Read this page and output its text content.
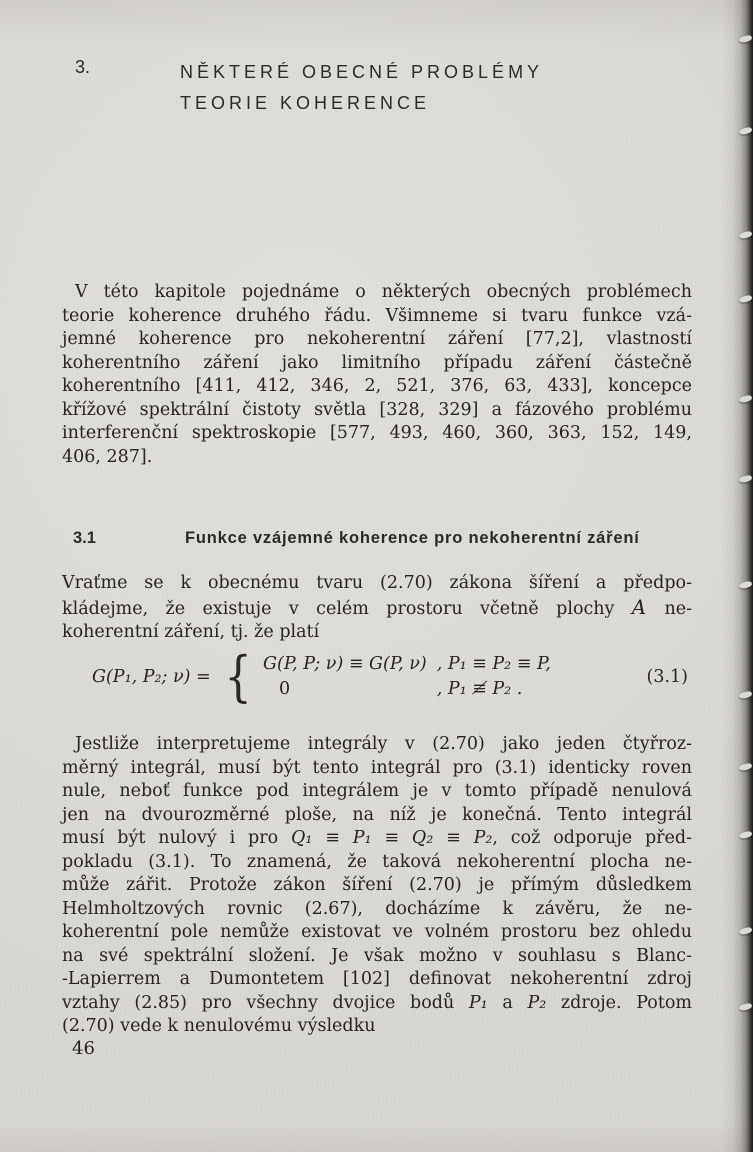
3.	NĚKTERÉ OBECNÉ PROBLÉMY
TEORIE KOHERENCE
V této kapitole pojednáme o některých obecných problémech
teorie koherence druhého řádu. Všimneme si tvaru funkce vzá-
jemné koherence pro nekoherentní záření [77,2], vlastností
koherentního záření jako limitního případu záření částečně
koherentního [411, 412, 346, 2, 521, 376, 63, 433], koncepce
křížové spektrální čistoty světla [328, 329] a fázového problému
interferenční spektroskopie [577, 493, 460, 360, 363, 152, 149,
406, 287].
3.1	Funkce vzájemné koherence pro nekoherentní záření
Vraťme se k obecnému tvaru (2.70) zákona šíření a předpo-
kládejme, že existuje v celém prostoru včetně plochy A ne-
koherentní záření, tj. že platí
G(P₁, P₂; ν) = { G(P, P; ν) ≡ G(P, ν) , P₁ ≡ P₂ ≡ P,
0	, P₁ ≢ P₂ .
(3.1)
Jestliže interpretujeme integrály v (2.70) jako jeden čtyřroz-
měrný integrál, musí být tento integrál pro (3.1) identicky roven
nule, neboť funkce pod integrálem je v tomto případě nenulová
jen na dvourozměrné ploše, na níž je konečná. Tento integrál
musí být nulový i pro Q₁ ≡ P₁ ≡ Q₂ ≡ P₂, což odporuje před-
pokladu (3.1). To znamená, že taková nekoherentní plocha ne-
může zářit. Protože zákon šíření (2.70) je přímým důsledkem
Helmholtzových rovnic (2.67), docházíme k závěru, že ne-
koherentní pole nemůže existovat ve volném prostoru bez ohledu
na své spektrální složení. Je však možno v souhlasu s Blanc-
-Lapierrem a Dumontetem [102] definovat nekoherentní zdroj
vztahy (2.85) pro všechny dvojice bodů P₁ a P₂ zdroje. Potom
(2.70) vede k nenulovému výsledku
46
